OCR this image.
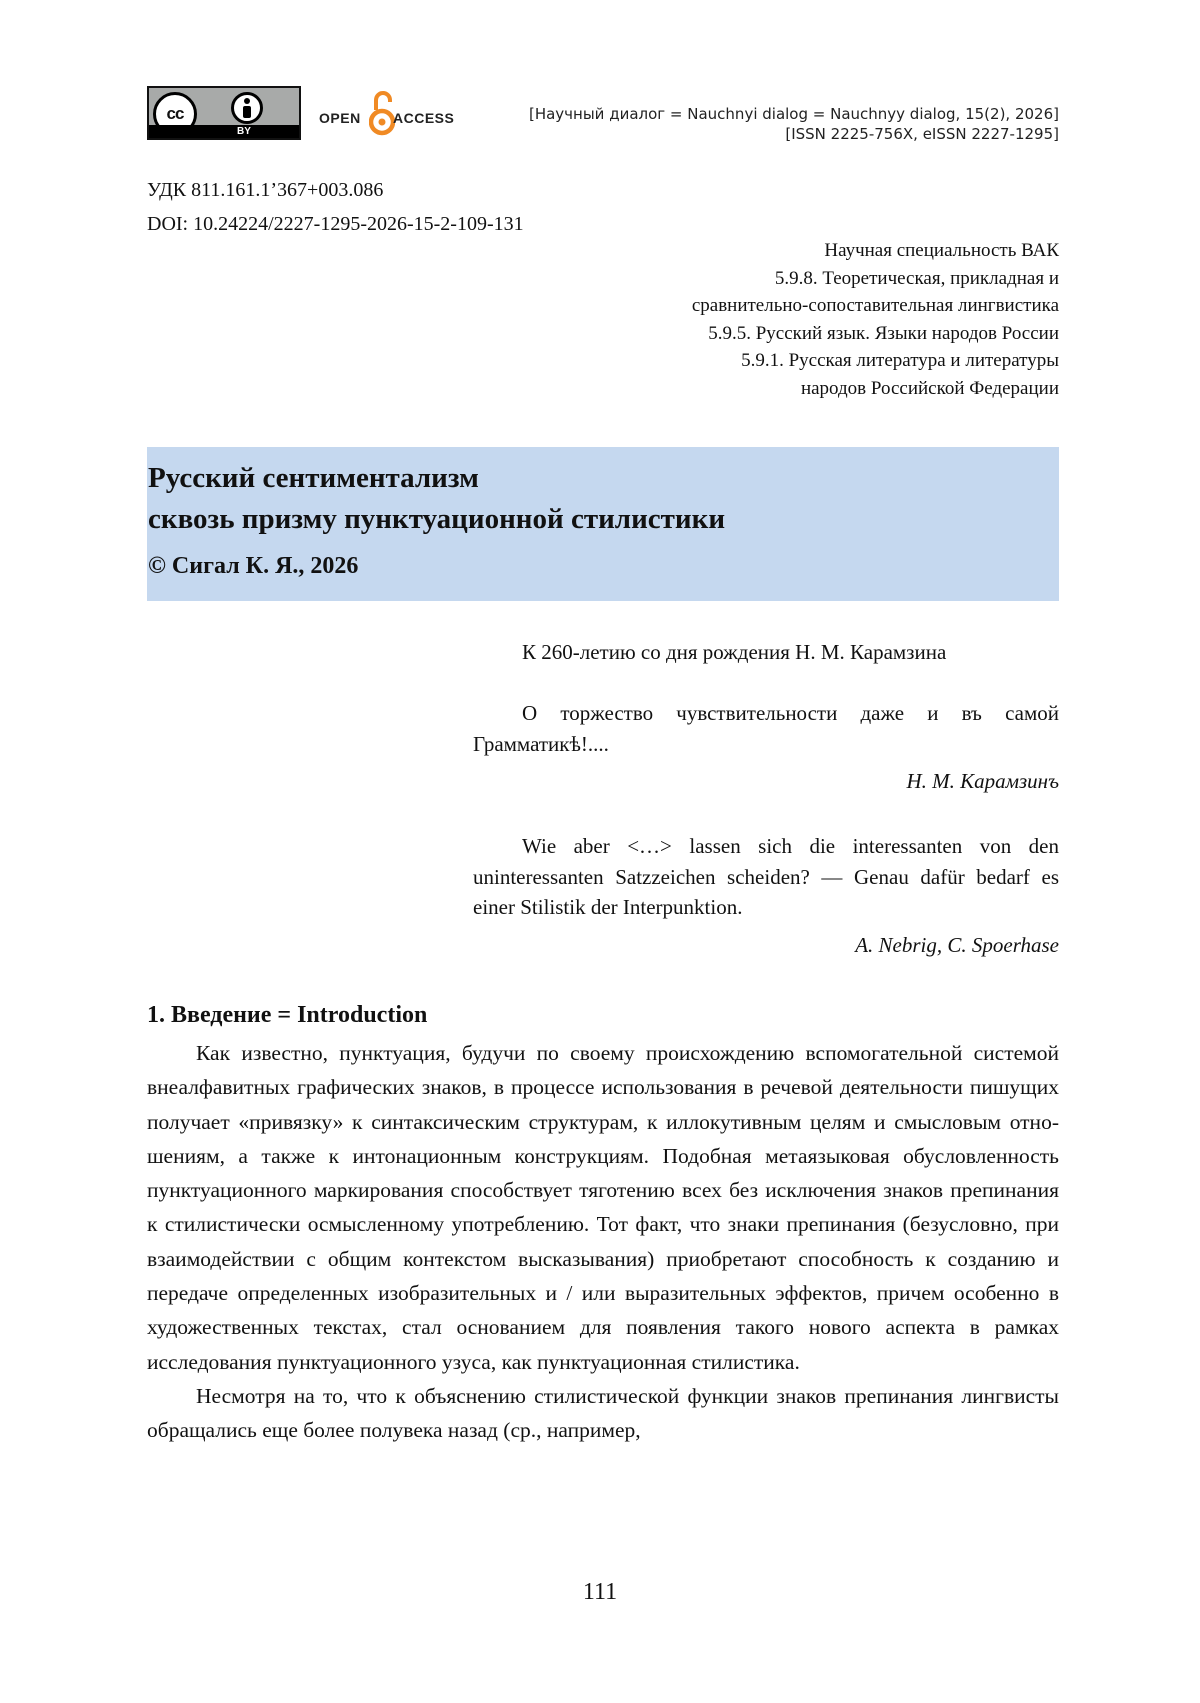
cc
BY
OPEN ACCESS	[Научный диалог = Nauchnyi dialog = Nauchnyy dialog, 15(2), 2026]
[ISSN 2225-756X, eISSN 2227-1295]
УДК 811.161.1’367+003.086
DOI: 10.24224/2227-1295-2026-15-2-109-131
Научная специальность ВАК
5.9.8. Теоретическая, прикладная и
сравнительно-сопоставительная лингвистика
5.9.5. Русский язык. Языки народов России
5.9.1. Русская литература и литературы
народов Российской Федерации
Русский сентиментализм
сквозь призму пунктуационной стилистики
© Сигал К. Я., 2026
К 260-летию со дня рождения Н. М. Карамзина
О торжество чувствительности даже и въ самой Грамматикѣ!....
Н. М. Карамзинъ
Wie aber <…> lassen sich die interessanten von den uninteressanten Satzzeichen scheiden? — Genau dafür bedarf es einer Stilistik der Interpunktion.
A. Nebrig, C. Spoerhase
1. Введение = Introduction

Как известно, пунктуация, будучи по своему происхождению вспомогательной системой внеалфавитных графических знаков, в процессе использования в речевой деятельности пишущих получает «привязку» к синтаксическим структурам, к иллокутивным целям и смысловым отношениям, а также к интонационным конструкциям. Подобная метаязыковая обусловленность пунктуационного маркирования способствует тяготению всех без исключения знаков препинания к стилистически осмысленному употреблению. Тот факт, что знаки препинания (безусловно, при взаимодействии с общим контекстом высказывания) приобретают способность к созданию и передаче определенных изобразительных и / или выразительных эффектов, причем особенно в художественных текстах, стал основанием для появления такого нового аспекта в рамках исследования пунктуационного узуса, как пунктуационная стилистика.

Несмотря на то, что к объяснению стилистической функции знаков препинания лингвисты обращались еще более полувека назад (ср., например,

111
